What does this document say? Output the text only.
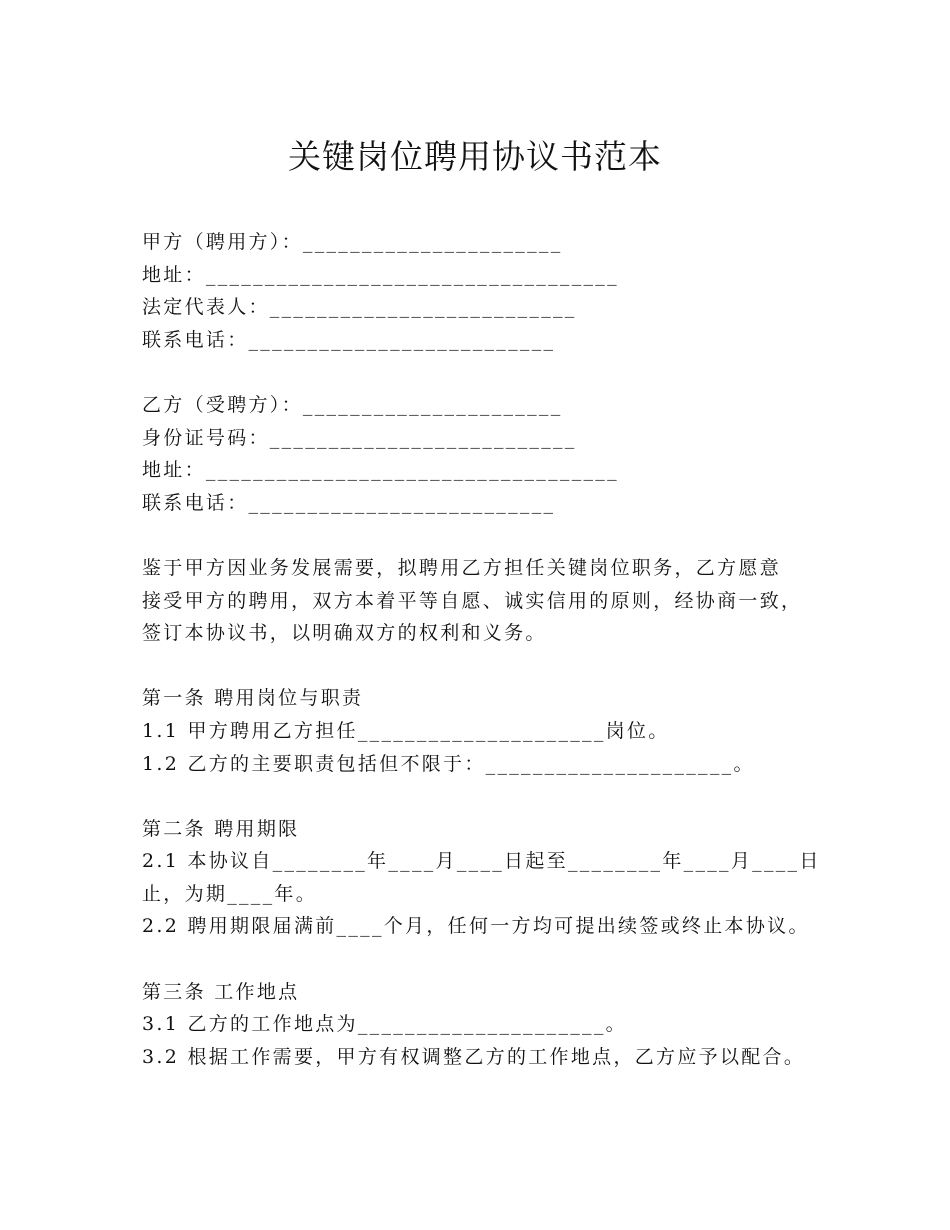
关键岗位聘用协议书范本
甲方（聘用方）：______________________
地址：___________________________________
法定代表人：__________________________
联系电话：__________________________
乙方（受聘方）：______________________
身份证号码：__________________________
地址：___________________________________
联系电话：__________________________
鉴于甲方因业务发展需要，拟聘用乙方担任关键岗位职务，乙方愿意
接受甲方的聘用，双方本着平等自愿、诚实信用的原则，经协商一致，
签订本协议书，以明确双方的权利和义务。
第一条 聘用岗位与职责
1.1 甲方聘用乙方担任_____________________岗位。
1.2 乙方的主要职责包括但不限于：_____________________。
第二条 聘用期限
2.1 本协议自________年____月____日起至________年____月____日
止，为期____年。
2.2 聘用期限届满前____个月，任何一方均可提出续签或终止本协议。
第三条 工作地点
3.1 乙方的工作地点为_____________________。
3.2 根据工作需要，甲方有权调整乙方的工作地点，乙方应予以配合。
